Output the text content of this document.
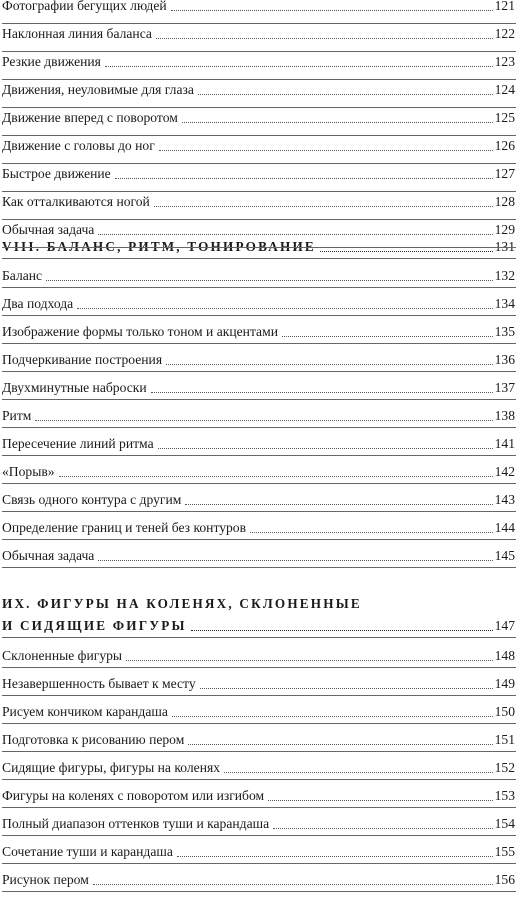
Фотографии бегущих людей	121
Наклонная линия баланса	122
Резкие движения	123
Движения, неуловимые для глаза	124
Движение вперед с поворотом	125
Движение с головы до ног	126
Быстрое движение	127
Как отталкиваются ногой	128
Обычная задача	129
VIII. БАЛАНС, РИТМ, ТОНИРОВАНИЕ	131
Баланс	132
Два подхода	134
Изображение формы только тоном и акцентами	135
Подчеркивание построения	136
Двухминутные наброски	137
Ритм	138
Пересечение линий ритма	141
«Порыв»	142
Связь одного контура с другим	143
Определение границ и теней без контуров	144
Обычная задача	145
ИХ. ФИГУРЫ НА КОЛЕНЯХ, СКЛОНЕННЫЕ
И СИДЯЩИЕ ФИГУРЫ	147
Склоненные фигуры	148
Незавершенность бывает к месту	149
Рисуем кончиком карандаша	150
Подготовка к рисованию пером	151
Сидящие фигуры, фигуры на коленях	152
Фигуры на коленях с поворотом или изгибом	153
Полный диапазон оттенков туши и карандаша	154
Сочетание туши и карандаша	155
Рисунок пером	156
